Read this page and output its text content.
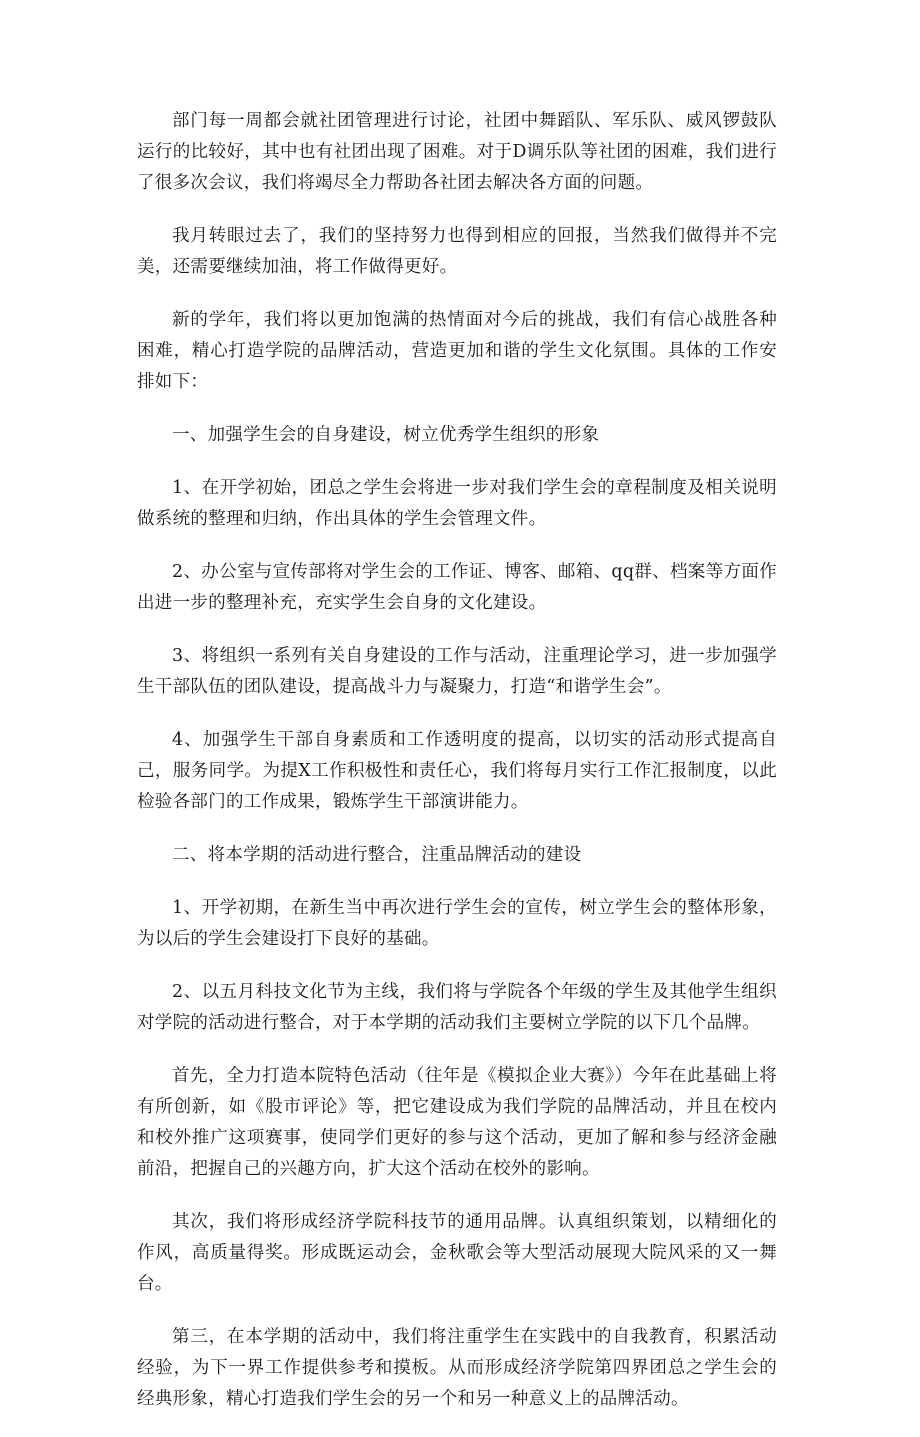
部门每一周都会就社团管理进行讨论，社团中舞蹈队、军乐队、威风锣鼓队运行的比较好，其中也有社团出现了困难。对于D调乐队等社团的困难，我们进行了很多次会议，我们将竭尽全力帮助各社团去解决各方面的问题。

我月转眼过去了，我们的坚持努力也得到相应的回报，当然我们做得并不完美，还需要继续加油，将工作做得更好。

新的学年，我们将以更加饱满的热情面对今后的挑战，我们有信心战胜各种困难，精心打造学院的品牌活动，营造更加和谐的学生文化氛围。具体的工作安排如下：

一、加强学生会的自身建设，树立优秀学生组织的形象

1、在开学初始，团总之学生会将进一步对我们学生会的章程制度及相关说明做系统的整理和归纳，作出具体的学生会管理文件。

2、办公室与宣传部将对学生会的工作证、博客、邮箱、qq群、档案等方面作出进一步的整理补充，充实学生会自身的文化建设。

3、将组织一系列有关自身建设的工作与活动，注重理论学习，进一步加强学生干部队伍的团队建设，提高战斗力与凝聚力，打造“和谐学生会”。

4、加强学生干部自身素质和工作透明度的提高，以切实的活动形式提高自己，服务同学。为提X工作积极性和责任心，我们将每月实行工作汇报制度，以此检验各部门的工作成果，锻炼学生干部演讲能力。

二、将本学期的活动进行整合，注重品牌活动的建设

1、开学初期，在新生当中再次进行学生会的宣传，树立学生会的整体形象，为以后的学生会建设打下良好的基础。

2、以五月科技文化节为主线，我们将与学院各个年级的学生及其他学生组织对学院的活动进行整合，对于本学期的活动我们主要树立学院的以下几个品牌。

首先，全力打造本院特色活动（往年是《模拟企业大赛》）今年在此基础上将有所创新，如《股市评论》等，把它建设成为我们学院的品牌活动，并且在校内和校外推广这项赛事，使同学们更好的参与这个活动，更加了解和参与经济金融前沿，把握自己的兴趣方向，扩大这个活动在校外的影响。

其次，我们将形成经济学院科技节的通用品牌。认真组织策划，以精细化的作风，高质量得奖。形成既运动会，金秋歌会等大型活动展现大院风采的又一舞台。

第三，在本学期的活动中，我们将注重学生在实践中的自我教育，积累活动经验，为下一界工作提供参考和摸板。从而形成经济学院第四界团总之学生会的经典形象，精心打造我们学生会的另一个和另一种意义上的品牌活动。
